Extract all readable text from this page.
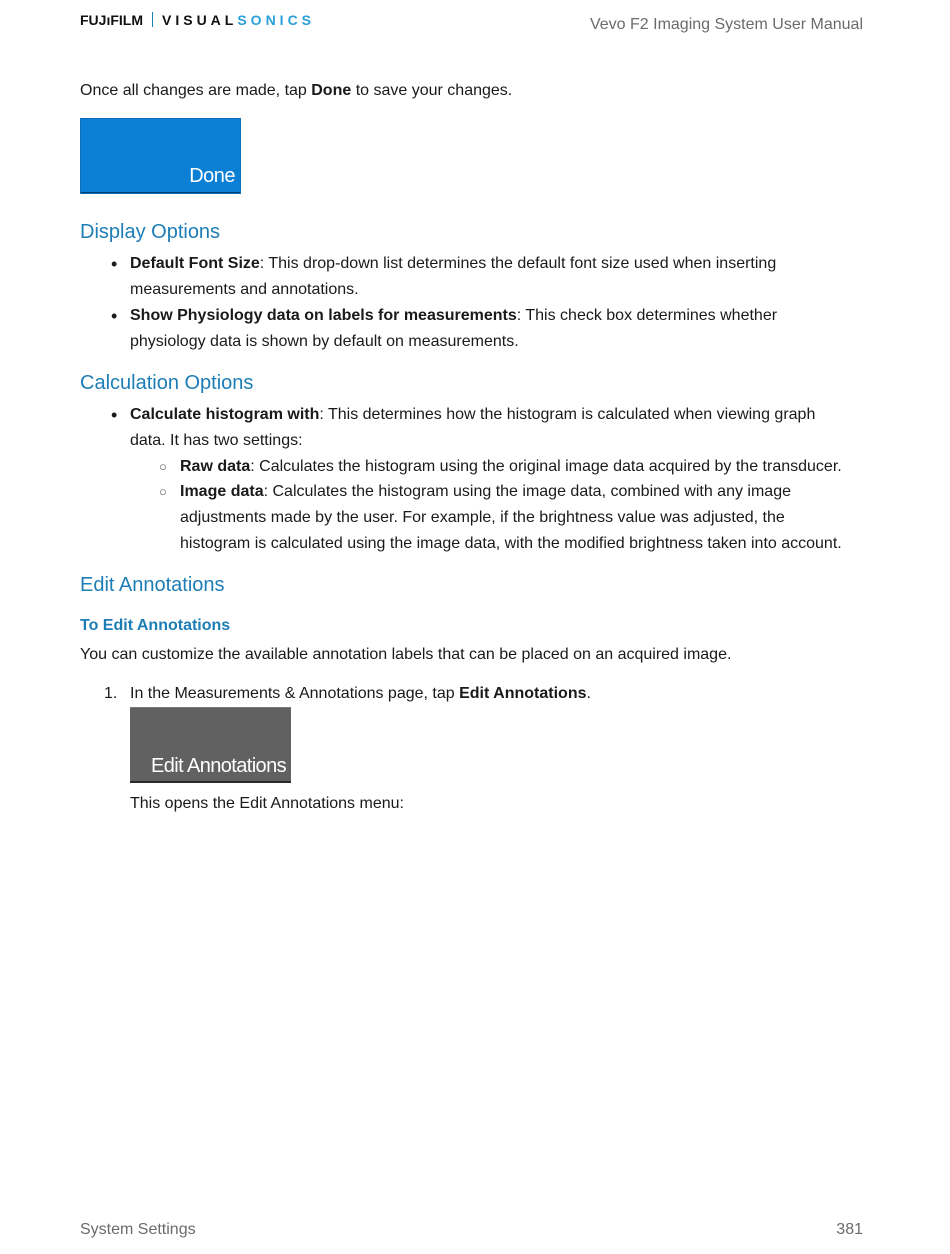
FUJıFILM VISUALSONICS	Vevo F2 Imaging System User Manual
Once all changes are made, tap Done to save your changes.
Done
Display Options
• Default Font Size: This drop-down list determines the default font size used when inserting
measurements and annotations.
• Show Physiology data on labels for measurements: This check box determines whether
physiology data is shown by default on measurements.
Calculation Options
• Calculate histogram with: This determines how the histogram is calculated when viewing graph
data. It has two settings:
○ Raw data: Calculates the histogram using the original image data acquired by the transducer.
○ Image data: Calculates the histogram using the image data, combined with any image
adjustments made by the user. For example, if the brightness value was adjusted, the
histogram is calculated using the image data, with the modified brightness taken into account.
Edit Annotations
To Edit Annotations
You can customize the available annotation labels that can be placed on an acquired image.
1. In the Measurements & Annotations page, tap Edit Annotations.
Edit Annotations
This opens the Edit Annotations menu:
System Settings	381
